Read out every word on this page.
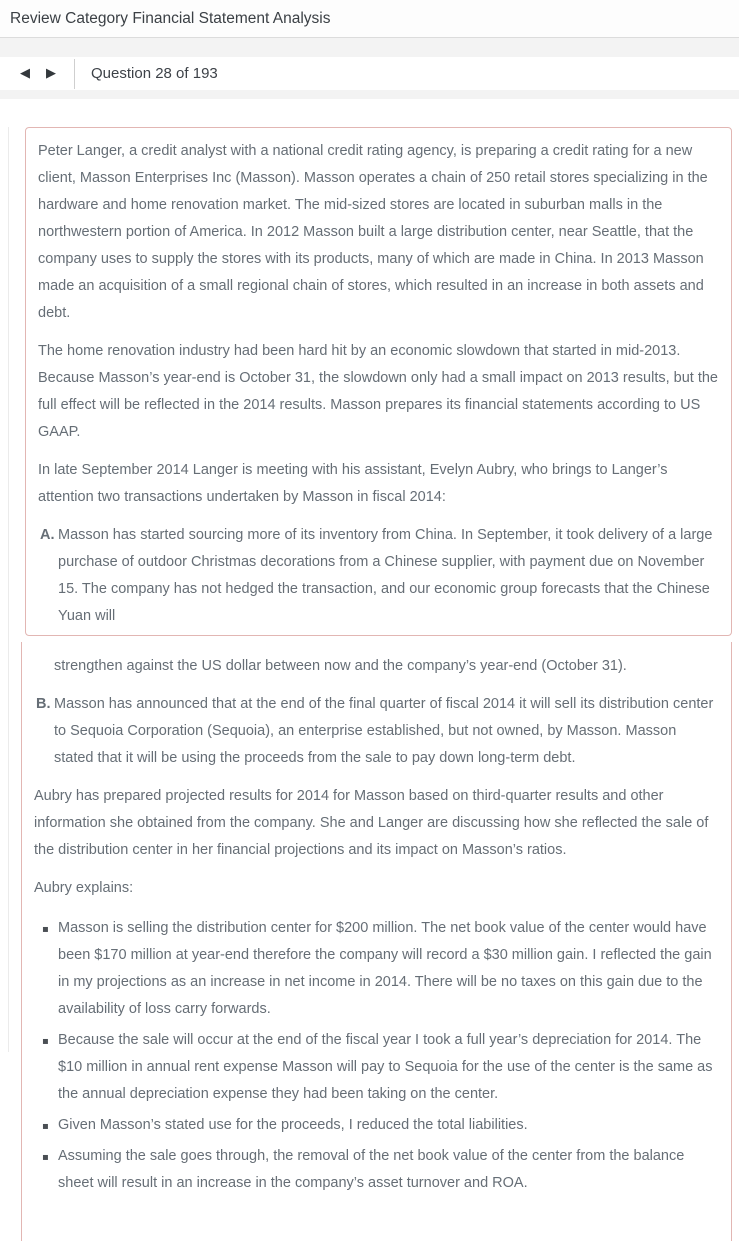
Review Category Financial Statement Analysis
◀	▶	Question 28 of 193

Peter Langer, a credit analyst with a national credit rating agency, is preparing a credit rating for a new client, Masson Enterprises Inc (Masson). Masson operates a chain of 250 retail stores specializing in the hardware and home renovation market. The mid-sized stores are located in suburban malls in the northwestern portion of America. In 2012 Masson built a large distribution center, near Seattle, that the company uses to supply the stores with its products, many of which are made in China. In 2013 Masson made an acquisition of a small regional chain of stores, which resulted in an increase in both assets and debt.

The home renovation industry had been hard hit by an economic slowdown that started in mid-2013. Because Masson’s year-end is October 31, the slowdown only had a small impact on 2013 results, but the full effect will be reflected in the 2014 results. Masson prepares its financial statements according to US GAAP.

In late September 2014 Langer is meeting with his assistant, Evelyn Aubry, who brings to Langer’s attention two transactions undertaken by Masson in fiscal 2014:

A. Masson has started sourcing more of its inventory from China. In September, it took delivery of a large purchase of outdoor Christmas decorations from a Chinese supplier, with payment due on November 15. The company has not hedged the transaction, and our economic group forecasts that the Chinese Yuan will

strengthen against the US dollar between now and the company’s year-end (October 31).

B. Masson has announced that at the end of the final quarter of fiscal 2014 it will sell its distribution center to Sequoia Corporation (Sequoia), an enterprise established, but not owned, by Masson. Masson stated that it will be using the proceeds from the sale to pay down long-term debt.

Aubry has prepared projected results for 2014 for Masson based on third-quarter results and other information she obtained from the company. She and Langer are discussing how she reflected the sale of the distribution center in her financial projections and its impact on Masson’s ratios.

Aubry explains:

▪ Masson is selling the distribution center for $200 million. The net book value of the center would have been $170 million at year-end therefore the company will record a $30 million gain. I reflected the gain in my projections as an increase in net income in 2014. There will be no taxes on this gain due to the availability of loss carry forwards.
▪ Because the sale will occur at the end of the fiscal year I took a full year’s depreciation for 2014. The $10 million in annual rent expense Masson will pay to Sequoia for the use of the center is the same as the annual depreciation expense they had been taking on the center.
▪ Given Masson’s stated use for the proceeds, I reduced the total liabilities.
▪ Assuming the sale goes through, the removal of the net book value of the center from the balance sheet will result in an increase in the company’s asset turnover and ROA.
